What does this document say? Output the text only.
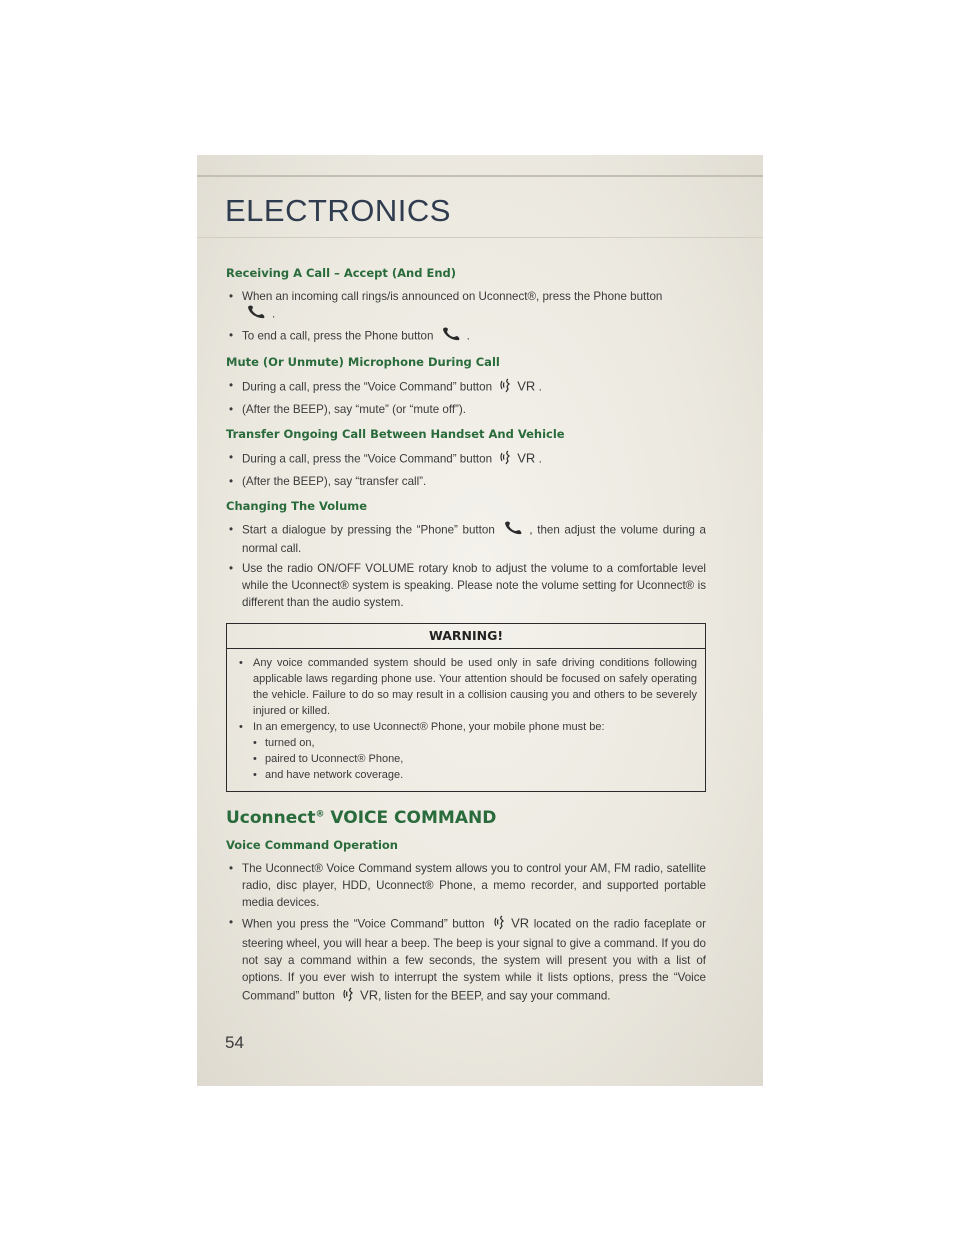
ELECTRONICS
Receiving A Call – Accept (And End)
• When an incoming call rings/is announced on Uconnect®, press the Phone button
.
• To end a call, press the Phone button	.
Mute (Or Unmute) Microphone During Call
• During a call, press the “Voice Command” button VR .
• (After the BEEP), say “mute” (or “mute off”).
Transfer Ongoing Call Between Handset And Vehicle
• During a call, press the “Voice Command” button VR .
• (After the BEEP), say “transfer call”.
Changing The Volume
• Start a dialogue by pressing the “Phone” button	, then adjust the volume during a normal call.
• Use the radio ON/OFF VOLUME rotary knob to adjust the volume to a comfortable level while the Uconnect® system is speaking. Please note the volume setting for Uconnect® is different than the audio system.
WARNING!
• Any voice commanded system should be used only in safe driving conditions following applicable laws regarding phone use. Your attention should be focused on safely operating the vehicle. Failure to do so may result in a collision causing you and others to be severely injured or killed.
• In an emergency, to use Uconnect® Phone, your mobile phone must be:
• turned on,
• paired to Uconnect® Phone,
• and have network coverage.
Uconnect® VOICE COMMAND
Voice Command Operation
• The Uconnect® Voice Command system allows you to control your AM, FM radio, satellite radio, disc player, HDD, Uconnect® Phone, a memo recorder, and supported portable media devices.
• When you press the “Voice Command” button VR located on the radio faceplate or steering wheel, you will hear a beep. The beep is your signal to give a command. If you do not say a command within a few seconds, the system will present you with a list of options. If you ever wish to interrupt the system while it lists options, press the “Voice Command” button VR, listen for the BEEP, and say your command.
54
